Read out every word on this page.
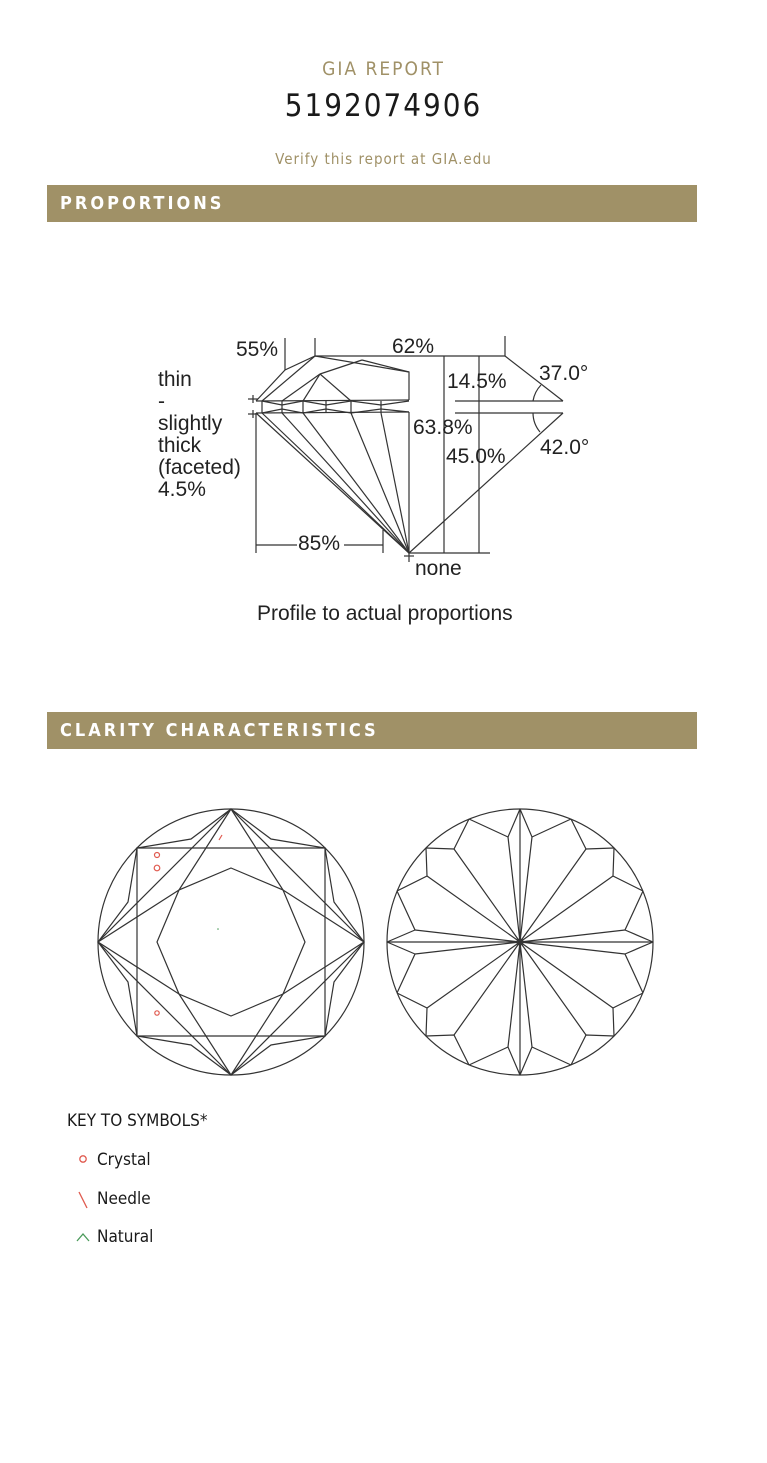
GIA REPORT
5192074906
Verify this report at GIA.edu
PROPORTIONS
55%	62%
14.5% 37.0°
63.8%
45.0% 42.0°
85%
none
thin
-
slightly
thick
(faceted)
4.5%
Profile to actual proportions
CLARITY CHARACTERISTICS
KEY TO SYMBOLS*
Crystal
Needle
Natural
